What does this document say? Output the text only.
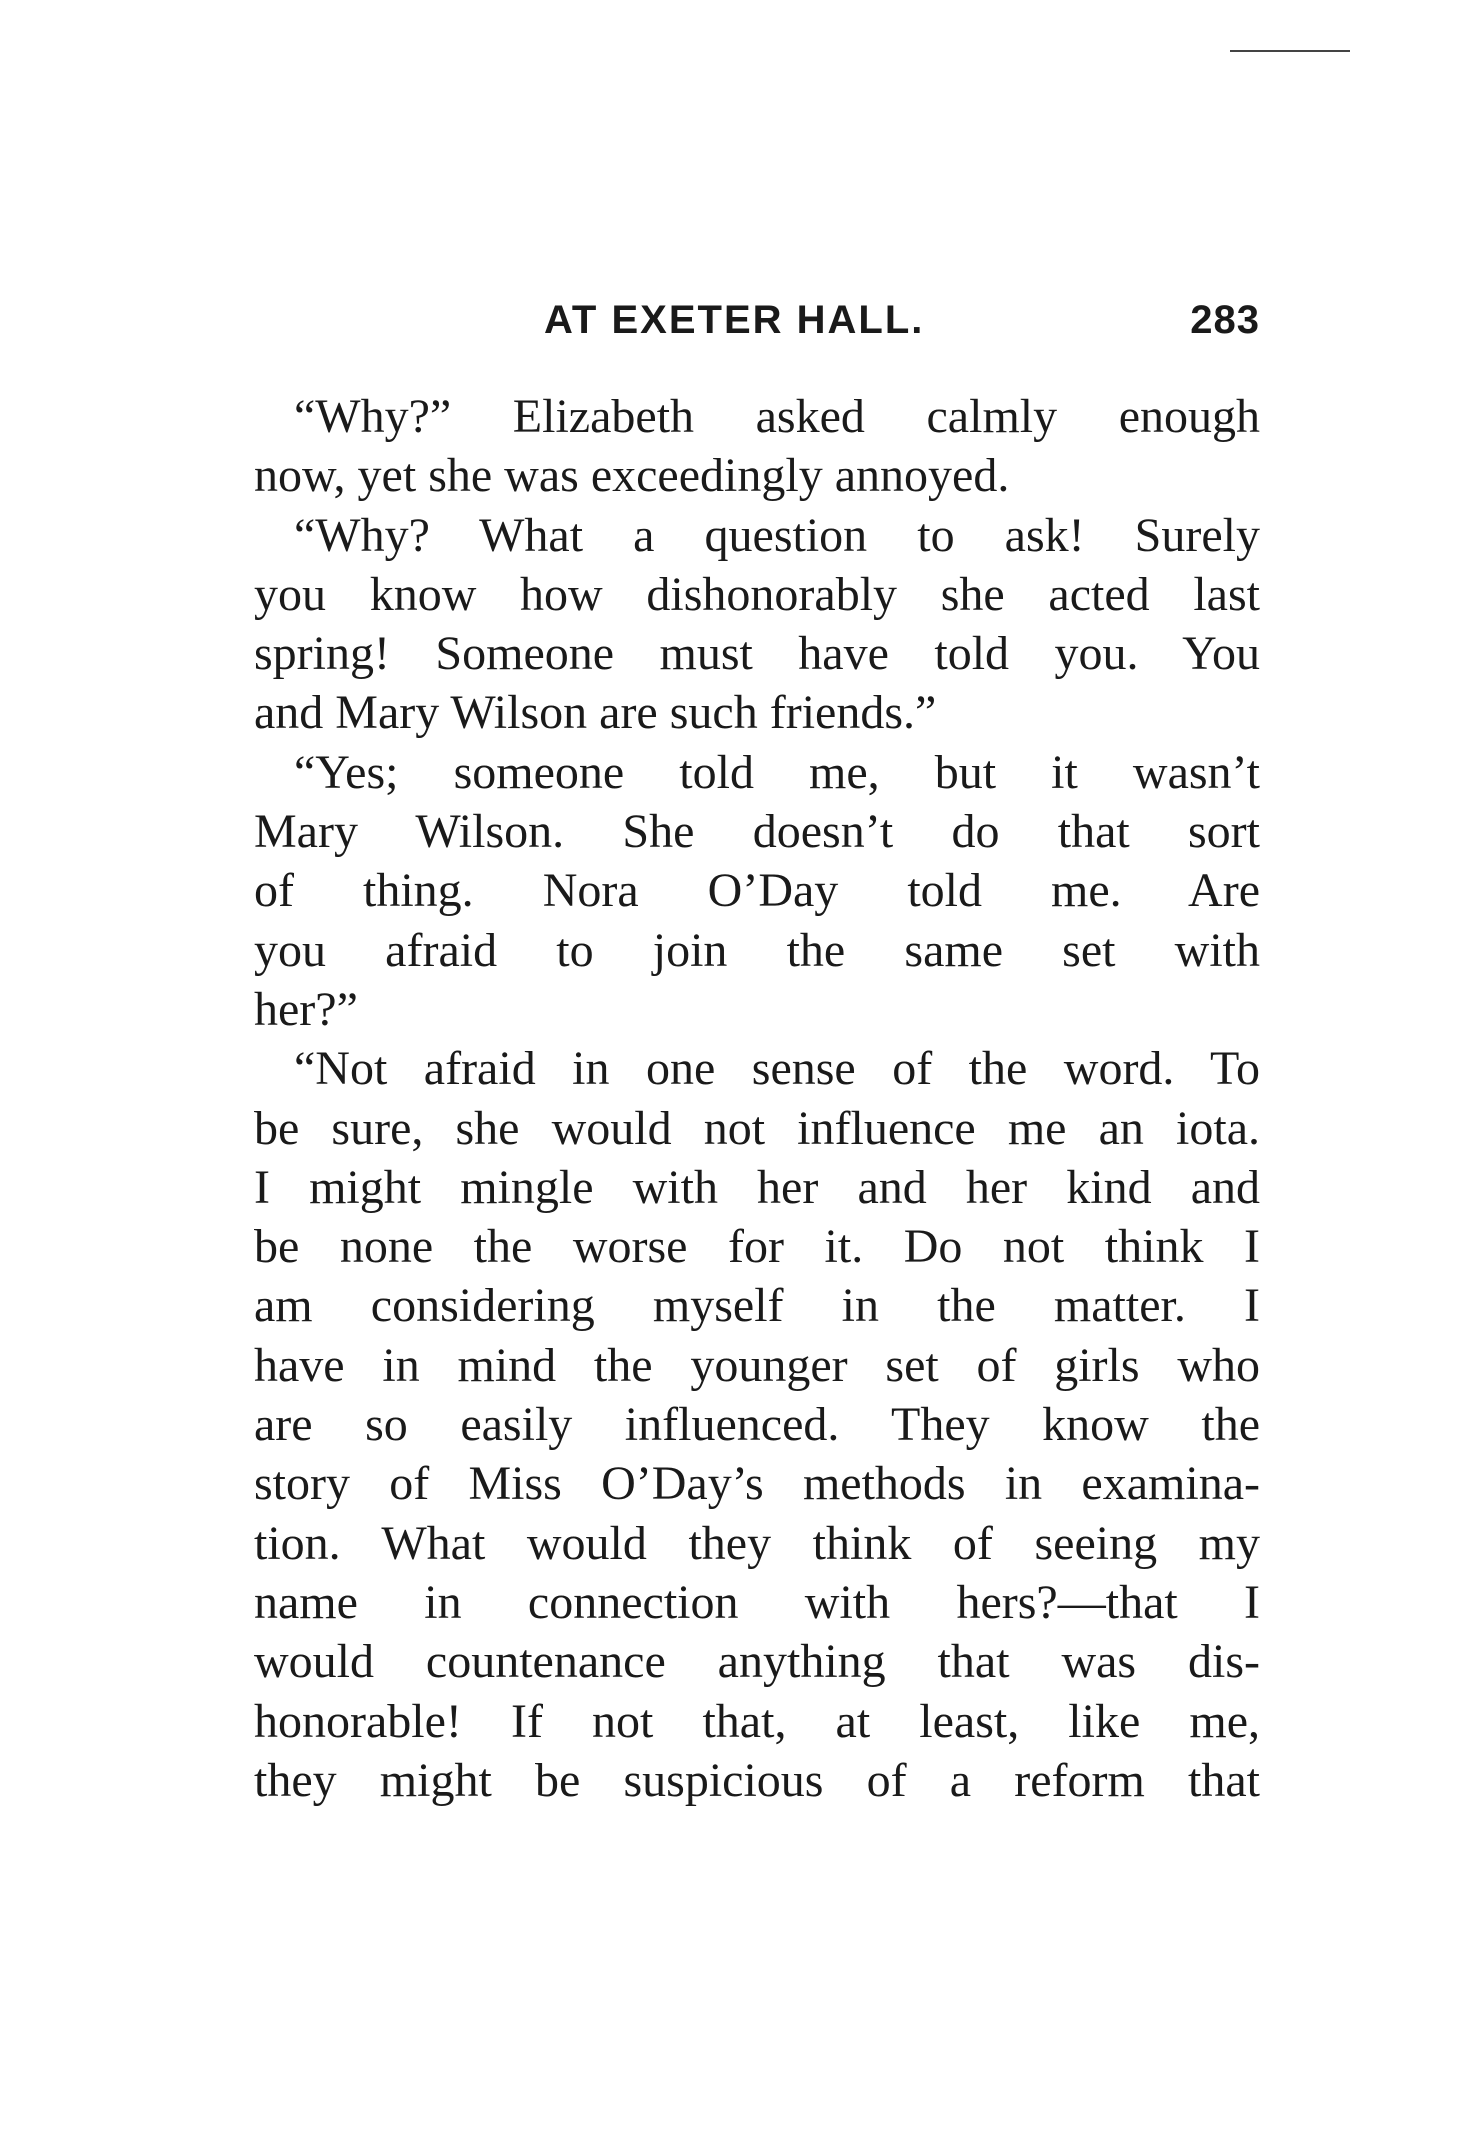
AT EXETER HALL.	283
“Why?” Elizabeth asked calmly enough
now, yet she was exceedingly annoyed.
“Why? What a question to ask! Surely
you know how dishonorably she acted last
spring! Someone must have told you. You
and Mary Wilson are such friends.”
“Yes; someone told me, but it wasn’t
Mary Wilson. She doesn’t do that sort
of thing. Nora O’Day told me. Are
you afraid to join the same set with
her?”
“Not afraid in one sense of the word. To
be sure, she would not influence me an iota.
I might mingle with her and her kind and
be none the worse for it. Do not think I
am considering myself in the matter. I
have in mind the younger set of girls who
are so easily influenced. They know the
story of Miss O’Day’s methods in examina-
tion. What would they think of seeing my
name in connection with hers?—that I
would countenance anything that was dis-
honorable! If not that, at least, like me,
they might be suspicious of a reform that
